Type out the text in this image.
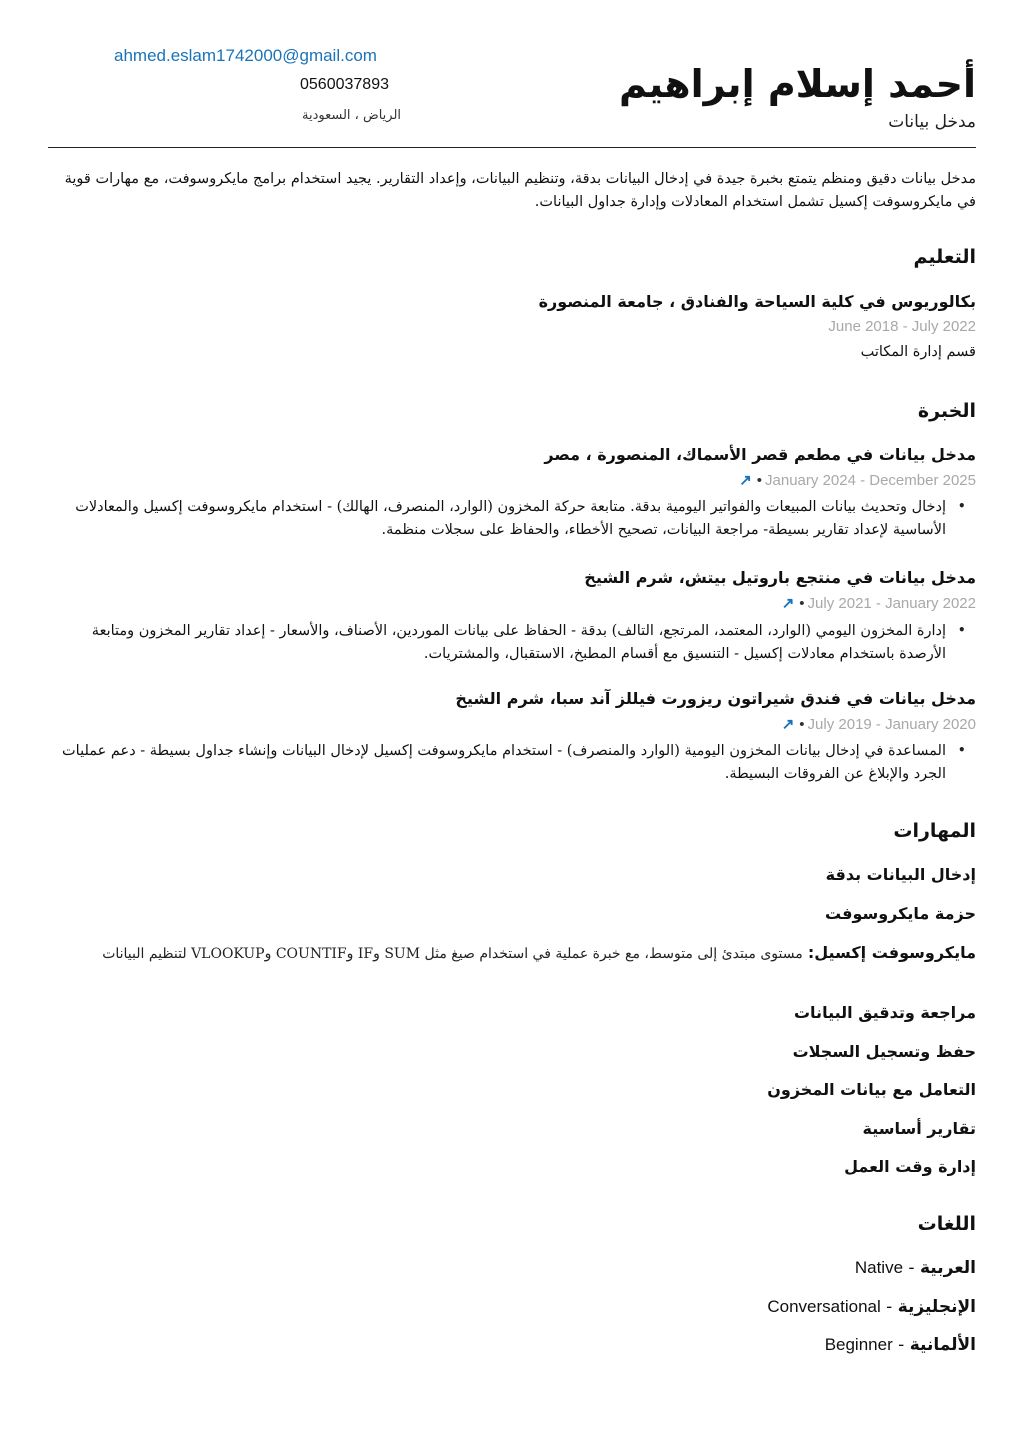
أحمد إسلام إبراهيم
مدخل بيانات
ahmed.eslam1742000@gmail.com
0560037893
الرياض ، السعودية
مدخل بيانات دقيق ومنظم يتمتع بخبرة جيدة في إدخال البيانات بدقة، وتنظيم البيانات، وإعداد التقارير. يجيد استخدام برامج مايكروسوفت، مع مهارات قوية في مايكروسوفت إكسيل تشمل استخدام المعادلات وإدارة جداول البيانات.
التعليم
بكالوريوس في كلية السياحة والفنادق ، جامعة المنصورة
June 2018 - July 2022
قسم إدارة المكاتب
الخبرة
مدخل بيانات في مطعم قصر الأسماك، المنصورة ، مصر
↗ • January 2024 - December 2025
• إدخال وتحديث بيانات المبيعات والفواتير اليومية بدقة. متابعة حركة المخزون (الوارد، المنصرف، الهالك) - استخدام مايكروسوفت إكسيل والمعادلات الأساسية لإعداد تقارير بسيطة- مراجعة البيانات، تصحيح الأخطاء، والحفاظ على سجلات منظمة.
مدخل بيانات في منتجع باروتيل بيتش، شرم الشيخ
↗ • July 2021 - January 2022
• إدارة المخزون اليومي (الوارد، المعتمد، المرتجع، التالف) بدقة - الحفاظ على بيانات الموردين، الأصناف، والأسعار - إعداد تقارير المخزون ومتابعة الأرصدة باستخدام معادلات إكسيل - التنسيق مع أقسام المطبخ، الاستقبال، والمشتريات.
مدخل بيانات في فندق شيراتون ريزورت فيللز آند سبا، شرم الشيخ
↗ • July 2019 - January 2020
• المساعدة في إدخال بيانات المخزون اليومية (الوارد والمنصرف) - استخدام مايكروسوفت إكسيل لإدخال البيانات وإنشاء جداول بسيطة - دعم عمليات الجرد والإبلاغ عن الفروقات البسيطة.
المهارات
إدخال البيانات بدقة
حزمة مايكروسوفت
مايكروسوفت إكسيل: مستوى مبتدئ إلى متوسط، مع خبرة عملية في استخدام صيغ مثل SUM وIF وCOUNTIF وVLOOKUP لتنظيم البيانات
مراجعة وتدقيق البيانات
حفظ وتسجيل السجلات
التعامل مع بيانات المخزون
تقارير أساسية
إدارة وقت العمل
اللغات
العربية - Native
الإنجليزية - Conversational
الألمانية - Beginner
